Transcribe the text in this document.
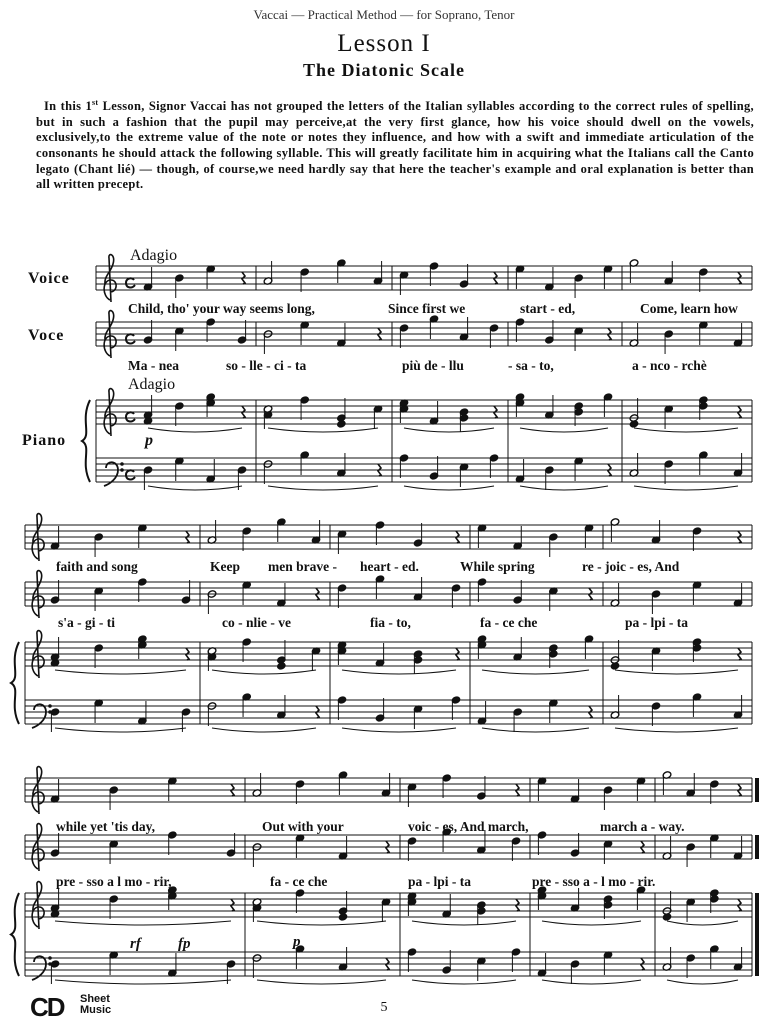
Vaccai — Practical Method — for Soprano, Tenor
Lesson I
The Diatonic Scale
In this 1st Lesson, Signor Vaccai has not grouped the letters of the Italian syllables according to the correct rules of spelling, but in such a fashion that the pupil may perceive,at the very first glance, how his voice should dwell on the vowels, exclusively,to the extreme value of the note or notes they influence, and how with a swift and immediate articulation of the consonants he should attack the following syllable. This will greatly facilitate him in acquiring what the Italians call the Canto legato (Chant lié) ― though, of course,we need hardly say that here the teacher's example and oral explanation is better than all written precept.
Adagio
Adagio
Voice
Voce
Piano	p
rf fp	p
Child, tho' your way seems long,	Since first we	start - ed,	Come, learn how
Ma - nea	so - lle - ci - ta	più de - llu	- sa - to,	a - nco - rchè
faith and song	Keep men brave - heart - ed.	While spring	re - joic - es, And
s'a - gi - ti	co - nlie - ve	fia - to,	fa - ce che	pa - lpi - ta
while yet 'tis day,	Out with your	voic - es, And march,	march a - way.
pre - sso a l mo - rir,	fa - ce che	pa - lpi - ta	pre - sso a - l mo - rir.
CD Sheet
Music	5
